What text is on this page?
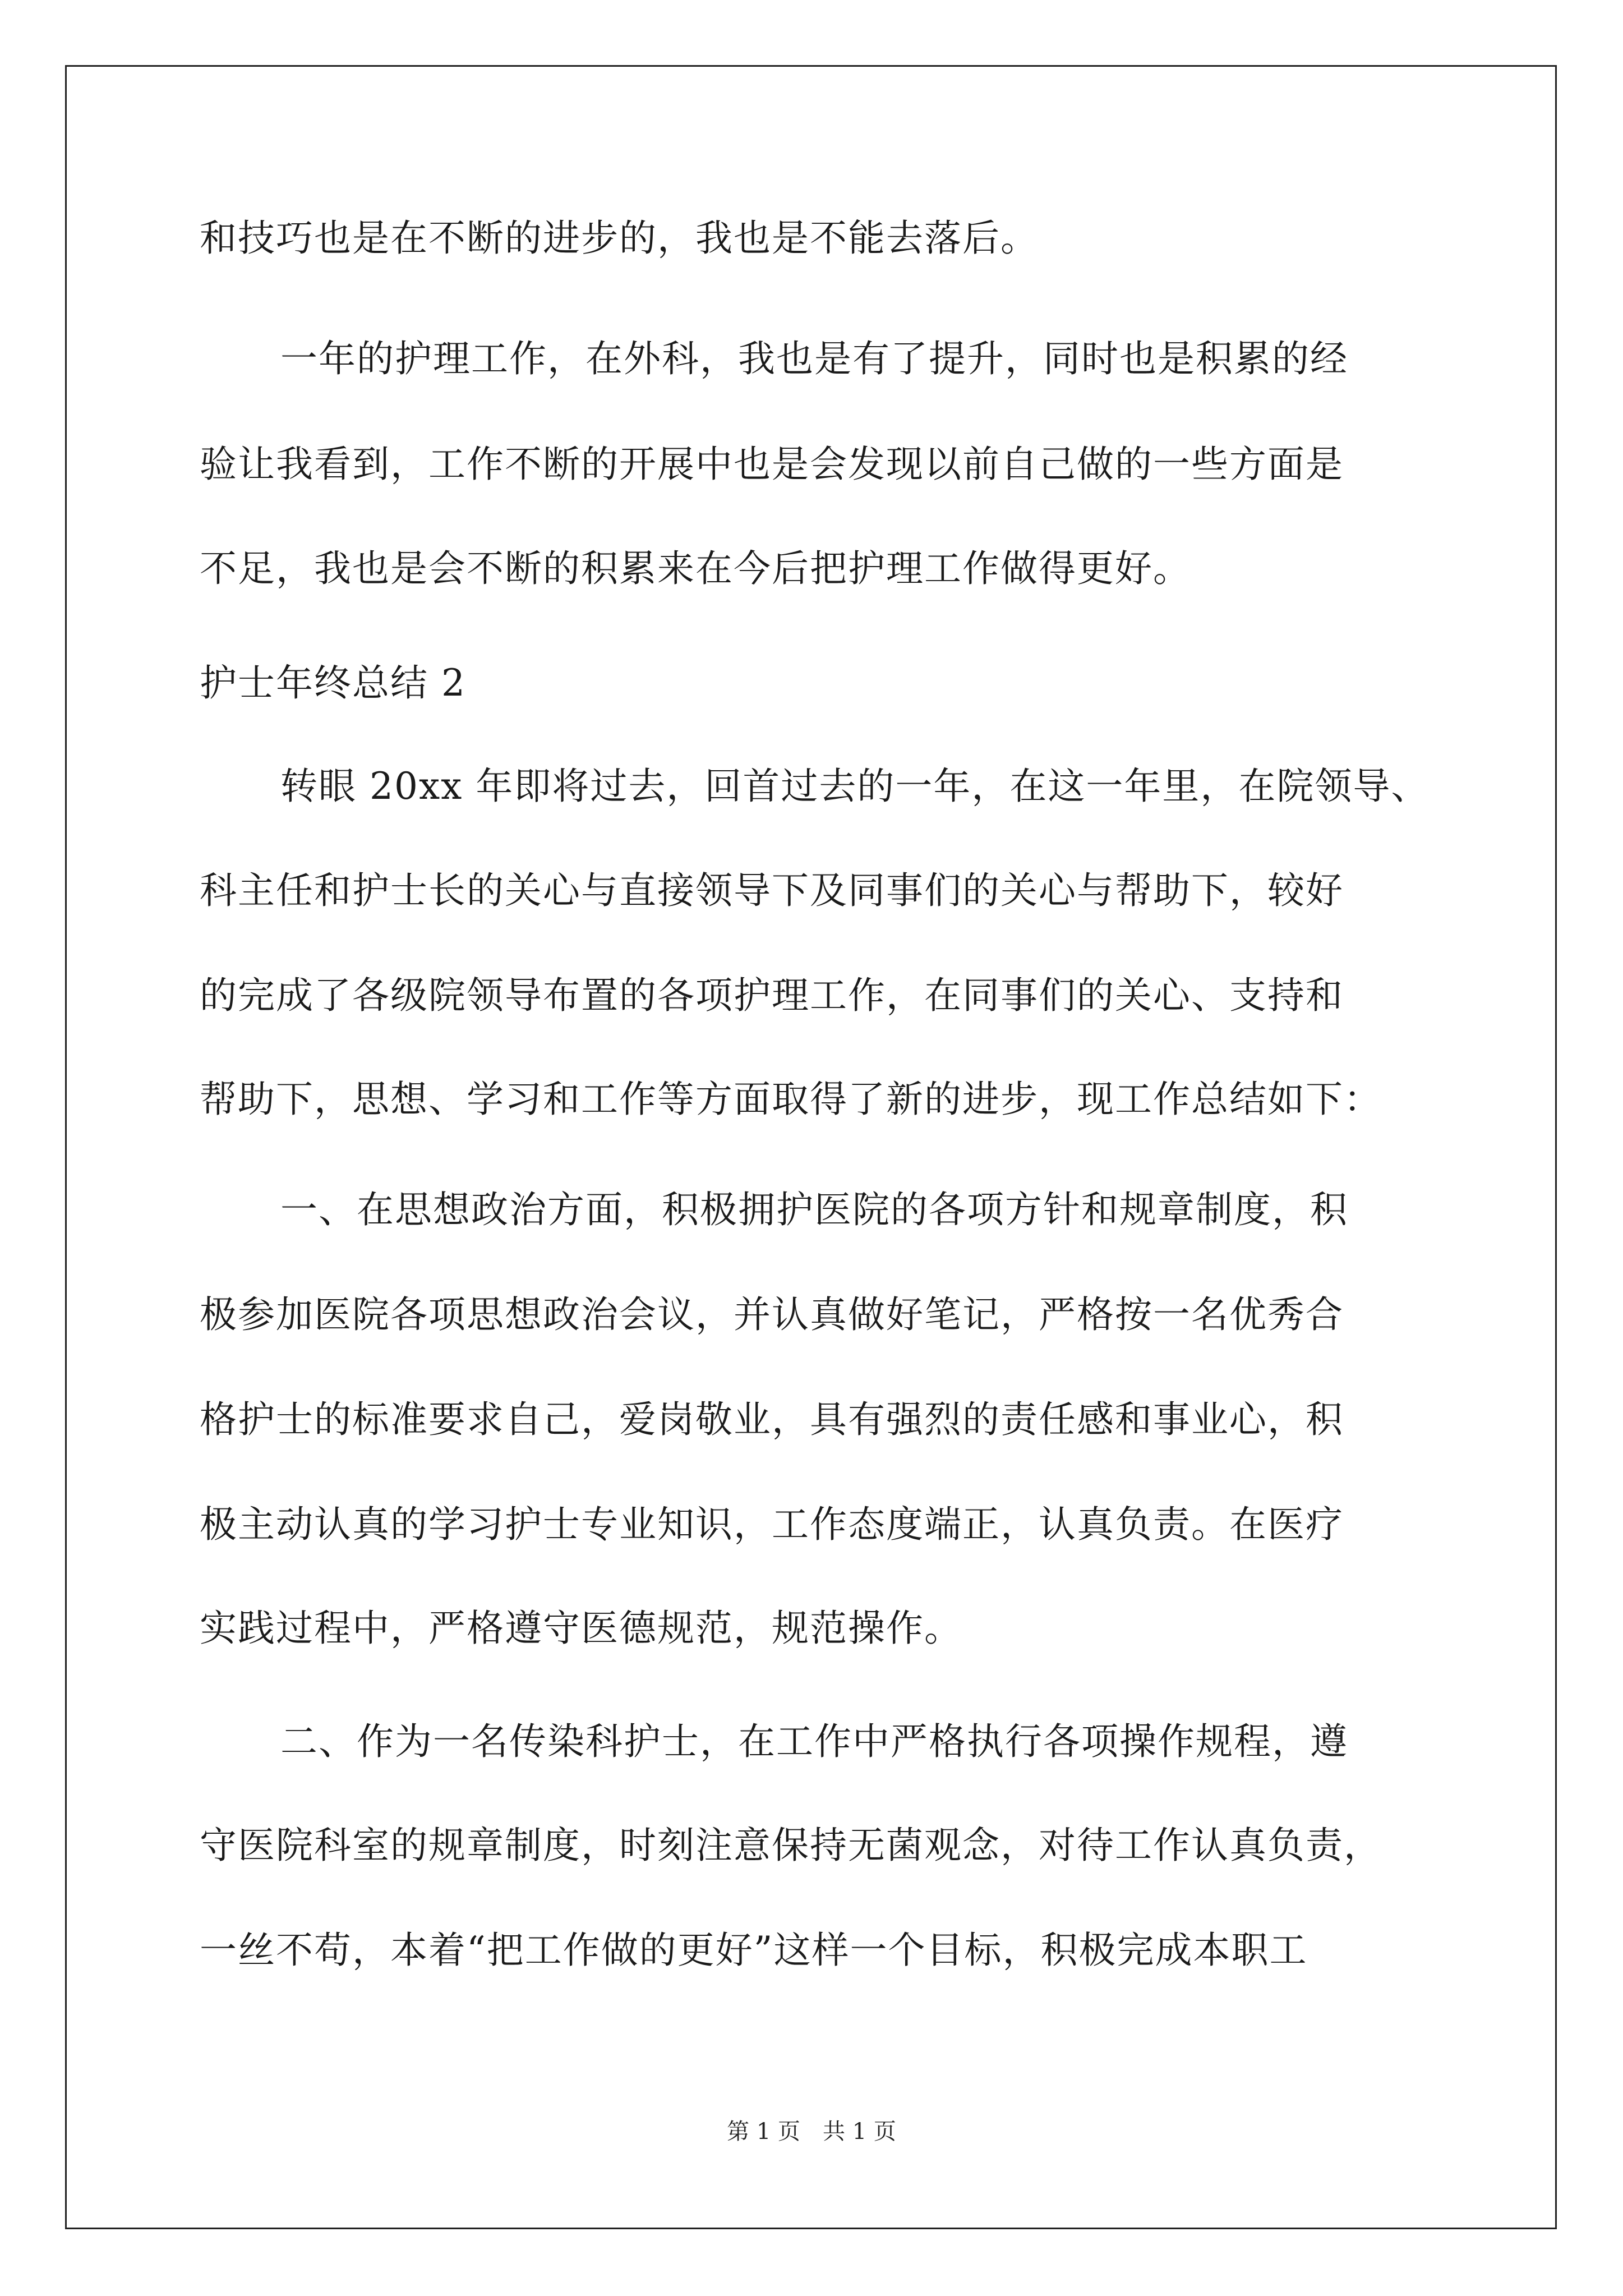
和技巧也是在不断的进步的，我也是不能去落后。
一年的护理工作，在外科，我也是有了提升，同时也是积累的经
验让我看到，工作不断的开展中也是会发现以前自己做的一些方面是
不足，我也是会不断的积累来在今后把护理工作做得更好。
护士年终总结 2
转眼 20xx 年即将过去，回首过去的一年，在这一年里，在院领导、
科主任和护士长的关心与直接领导下及同事们的关心与帮助下，较好
的完成了各级院领导布置的各项护理工作，在同事们的关心、支持和
帮助下，思想、学习和工作等方面取得了新的进步，现工作总结如下：
一、在思想政治方面，积极拥护医院的各项方针和规章制度，积
极参加医院各项思想政治会议，并认真做好笔记，严格按一名优秀合
格护士的标准要求自己，爱岗敬业，具有强烈的责任感和事业心，积
极主动认真的学习护士专业知识，工作态度端正，认真负责。在医疗
实践过程中，严格遵守医德规范，规范操作。
二、作为一名传染科护士，在工作中严格执行各项操作规程，遵
守医院科室的规章制度，时刻注意保持无菌观念，对待工作认真负责，
一丝不苟，本着“把工作做的更好”这样一个目标，积极完成本职工
第 1 页　共 1 页
